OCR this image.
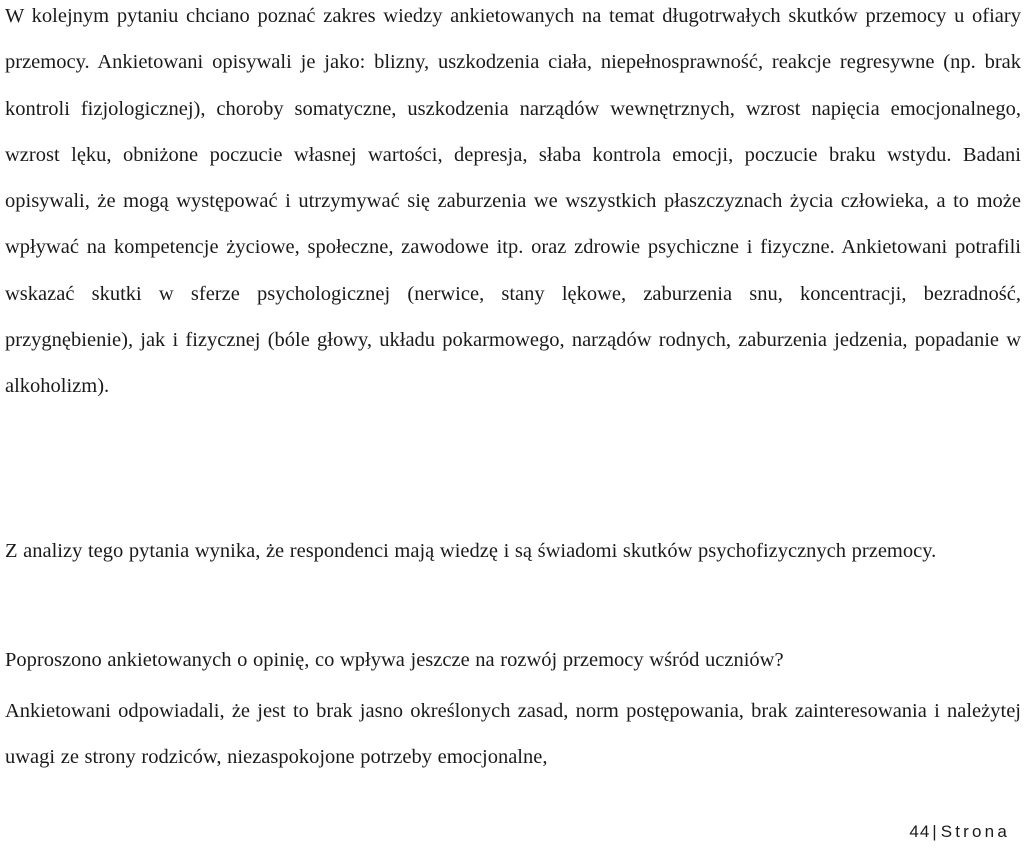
W kolejnym pytaniu chciano poznać zakres wiedzy ankietowanych na temat długotrwałych skutków przemocy u ofiary przemocy. Ankietowani opisywali je jako: blizny, uszkodzenia ciała, niepełnosprawność, reakcje regresywne (np. brak kontroli fizjologicznej), choroby somatyczne, uszkodzenia narządów wewnętrznych, wzrost napięcia emocjonalnego, wzrost lęku, obniżone poczucie własnej wartości, depresja, słaba kontrola emocji, poczucie braku wstydu. Badani opisywali, że mogą występować i utrzymywać się zaburzenia we wszystkich płaszczyznach życia człowieka, a to może wpływać na kompetencje życiowe, społeczne, zawodowe itp. oraz zdrowie psychiczne i fizyczne. Ankietowani potrafili wskazać skutki w sferze psychologicznej (nerwice, stany lękowe, zaburzenia snu, koncentracji, bezradność, przygnębienie), jak i fizycznej (bóle głowy, układu pokarmowego, narządów rodnych, zaburzenia jedzenia, popadanie w alkoholizm).

Z analizy tego pytania wynika, że respondenci mają wiedzę i są świadomi skutków psychofizycznych przemocy.

Poproszono ankietowanych o opinię, co wpływa jeszcze na rozwój przemocy wśród uczniów?

Ankietowani odpowiadali, że jest to brak jasno określonych zasad, norm postępowania, brak zainteresowania i należytej uwagi ze strony rodziców, niezaspokojone potrzeby emocjonalne,

44 | Strona
